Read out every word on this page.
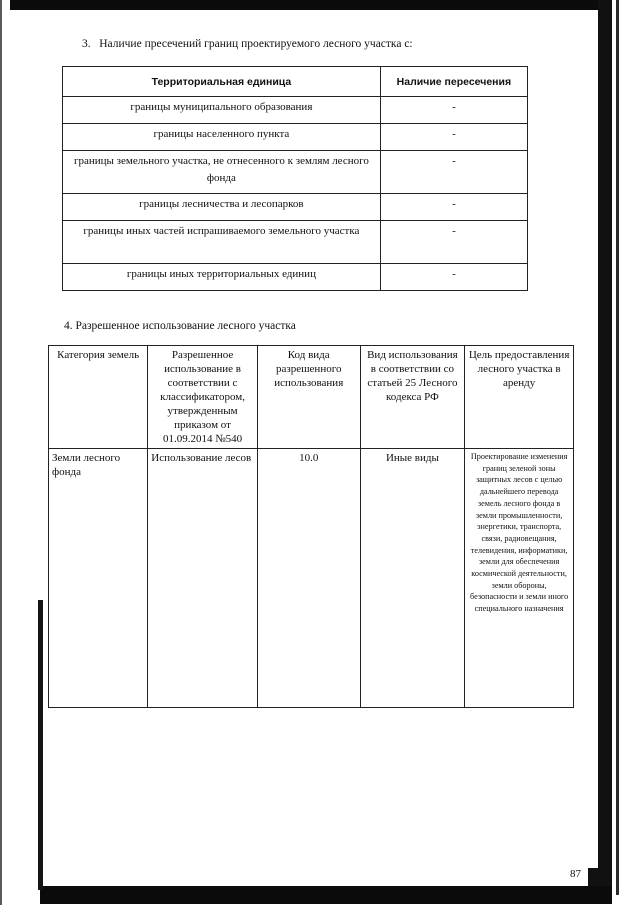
3. Наличие пресечений границ проектируемого лесного участка с:
Территориальная единица	Наличие пересечения
границы муниципального образования	-
границы населенного пункта	-
границы земельного участка, не отнесенного к землям лесного фонда	-
границы лесничества и лесопарков	-
границы иных частей испрашиваемого земельного участка	-
границы иных территориальных единиц	-
4. Разрешенное использование лесного участка
Категория земель	Разрешенное использование в соответствии с классификатором, утвержденным приказом от 01.09.2014 №540	Код вида разрешенного использования	Вид использования в соответствии со статьей 25 Лесного кодекса РФ	Цель предоставления лесного участка в аренду
Земли лесного фонда	Использование лесов	10.0	Иные виды	Проектирование изменения границ зеленой зоны защитных лесов с целью дальнейшего перевода земель лесного фонда в земли промышленности, энергетики, транспорта, связи, радиовещания, телевидения, информатики, земли для обеспечения космической деятельности, земли обороны, безопасности и земли иного специального назначения
87
